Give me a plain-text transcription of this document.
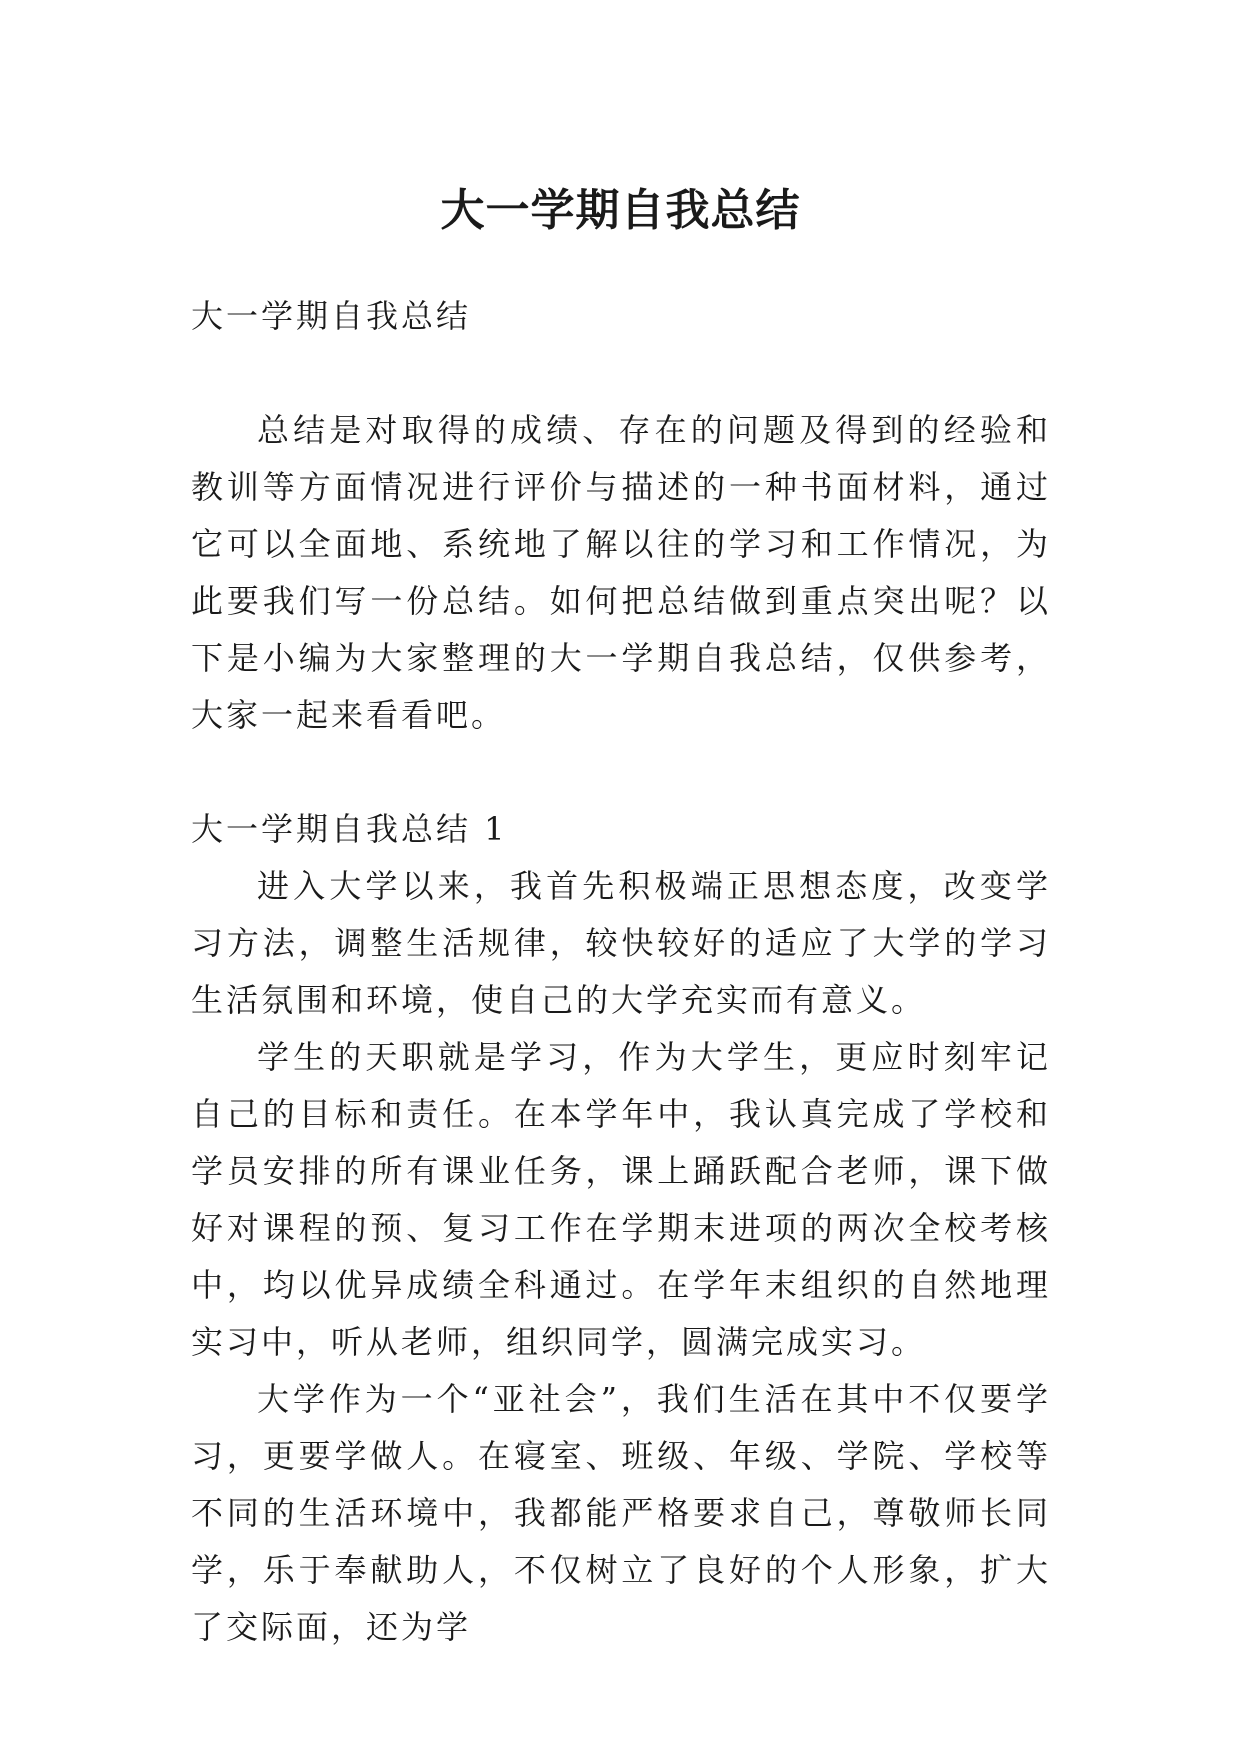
大一学期自我总结

大一学期自我总结

总结是对取得的成绩、存在的问题及得到的经验和教训等方面情况进行评价与描述的一种书面材料，通过它可以全面地、系统地了解以往的学习和工作情况，为此要我们写一份总结。如何把总结做到重点突出呢？以下是小编为大家整理的大一学期自我总结，仅供参考，大家一起来看看吧。

大一学期自我总结 1

进入大学以来，我首先积极端正思想态度，改变学习方法，调整生活规律，较快较好的适应了大学的学习生活氛围和环境，使自己的大学充实而有意义。

学生的天职就是学习，作为大学生，更应时刻牢记自己的目标和责任。在本学年中，我认真完成了学校和学员安排的所有课业任务，课上踊跃配合老师，课下做好对课程的预、复习工作在学期末进项的两次全校考核中，均以优异成绩全科通过。在学年末组织的自然地理实习中，听从老师，组织同学，圆满完成实习。

大学作为一个“亚社会”，我们生活在其中不仅要学习，更要学做人。在寝室、班级、年级、学院、学校等不同的生活环境中，我都能严格要求自己，尊敬师长同学，乐于奉献助人，不仅树立了良好的个人形象，扩大了交际面，还为学
